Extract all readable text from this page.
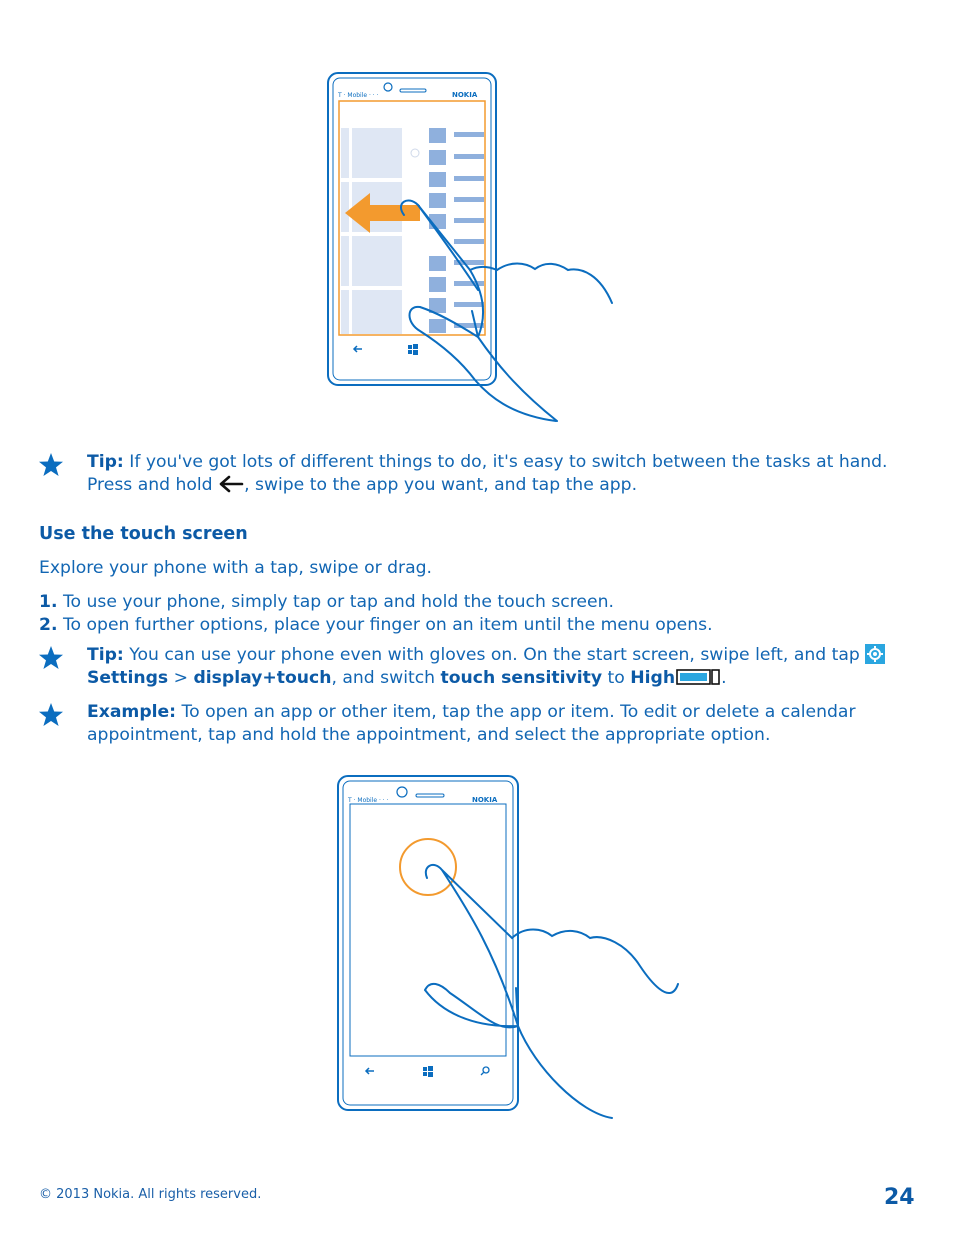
T · Mobile · · ·	NOKIA
Tip: If you've got lots of different things to do, it's easy to switch between the tasks at hand.
Press and hold , swipe to the app you want, and tap the app.
Use the touch screen
Explore your phone with a tap, swipe or drag.
1. To use your phone, simply tap or tap and hold the touch screen.
2. To open further options, place your finger on an item until the menu opens.
Tip: You can use your phone even with gloves on. On the start screen, swipe left, and tap
Settings > display+touch, and switch touch sensitivity to High	.
Example: To open an app or other item, tap the app or item. To edit or delete a calendar
appointment, tap and hold the appointment, and select the appropriate option.
T · Mobile · · ·	NOKIA
© 2013 Nokia. All rights reserved.	24
